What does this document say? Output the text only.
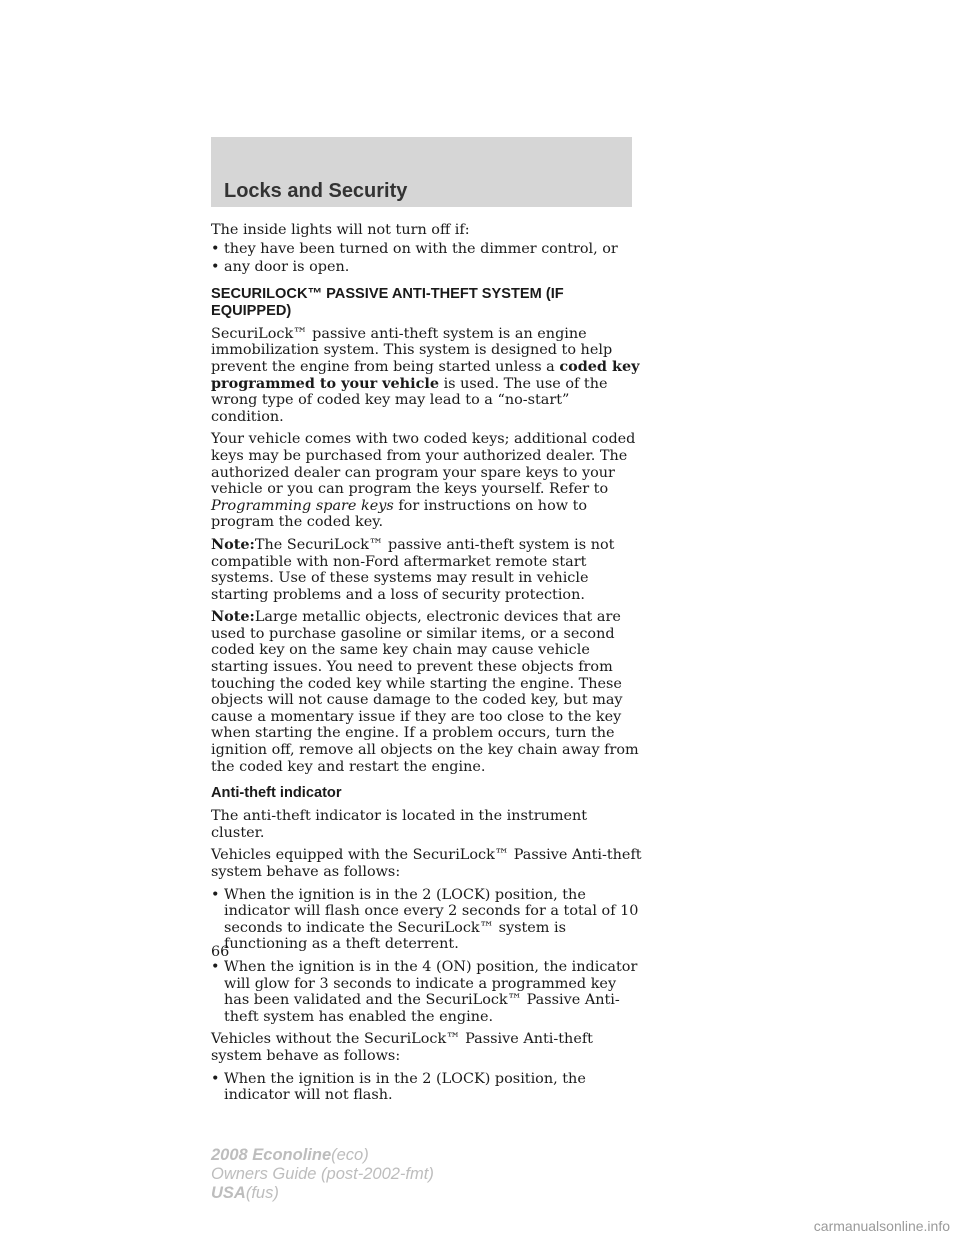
Locks and Security

The inside lights will not turn off if:

• they have been turned on with the dimmer control, or
• any door is open.
SECURILOCK™ PASSIVE ANTI-THEFT SYSTEM (IF EQUIPPED)

SecuriLock™ passive anti-theft system is an engine immobilization system. This system is designed to help prevent the engine from being started unless a coded key programmed to your vehicle is used. The use of the wrong type of coded key may lead to a “no-start” condition.

Your vehicle comes with two coded keys; additional coded keys may be purchased from your authorized dealer. The authorized dealer can program your spare keys to your vehicle or you can program the keys yourself. Refer to Programming spare keys for instructions on how to program the coded key.

Note:The SecuriLock™ passive anti-theft system is not compatible with non-Ford aftermarket remote start systems. Use of these systems may result in vehicle starting problems and a loss of security protection.

Note:Large metallic objects, electronic devices that are used to purchase gasoline or similar items, or a second coded key on the same key chain may cause vehicle starting issues. You need to prevent these objects from touching the coded key while starting the engine. These objects will not cause damage to the coded key, but may cause a momentary issue if they are too close to the key when starting the engine. If a problem occurs, turn the ignition off, remove all objects on the key chain away from the coded key and restart the engine.

Anti-theft indicator

The anti-theft indicator is located in the instrument cluster.

Vehicles equipped with the SecuriLock™ Passive Anti-theft system behave as follows:

• When the ignition is in the 2 (LOCK) position, the indicator will flash once every 2 seconds for a total of 10 seconds to indicate the SecuriLock™ system is functioning as a theft deterrent.
• When the ignition is in the 4 (ON) position, the indicator will glow for 3 seconds to indicate a programmed key has been validated and the SecuriLock™ Passive Anti-theft system has enabled the engine.

Vehicles without the SecuriLock™ Passive Anti-theft system behave as follows:

• When the ignition is in the 2 (LOCK) position, the indicator will not flash.
66
2008 Econoline(eco)
Owners Guide (post-2002-fmt)
USA(fus)
carmanualsonline.info
